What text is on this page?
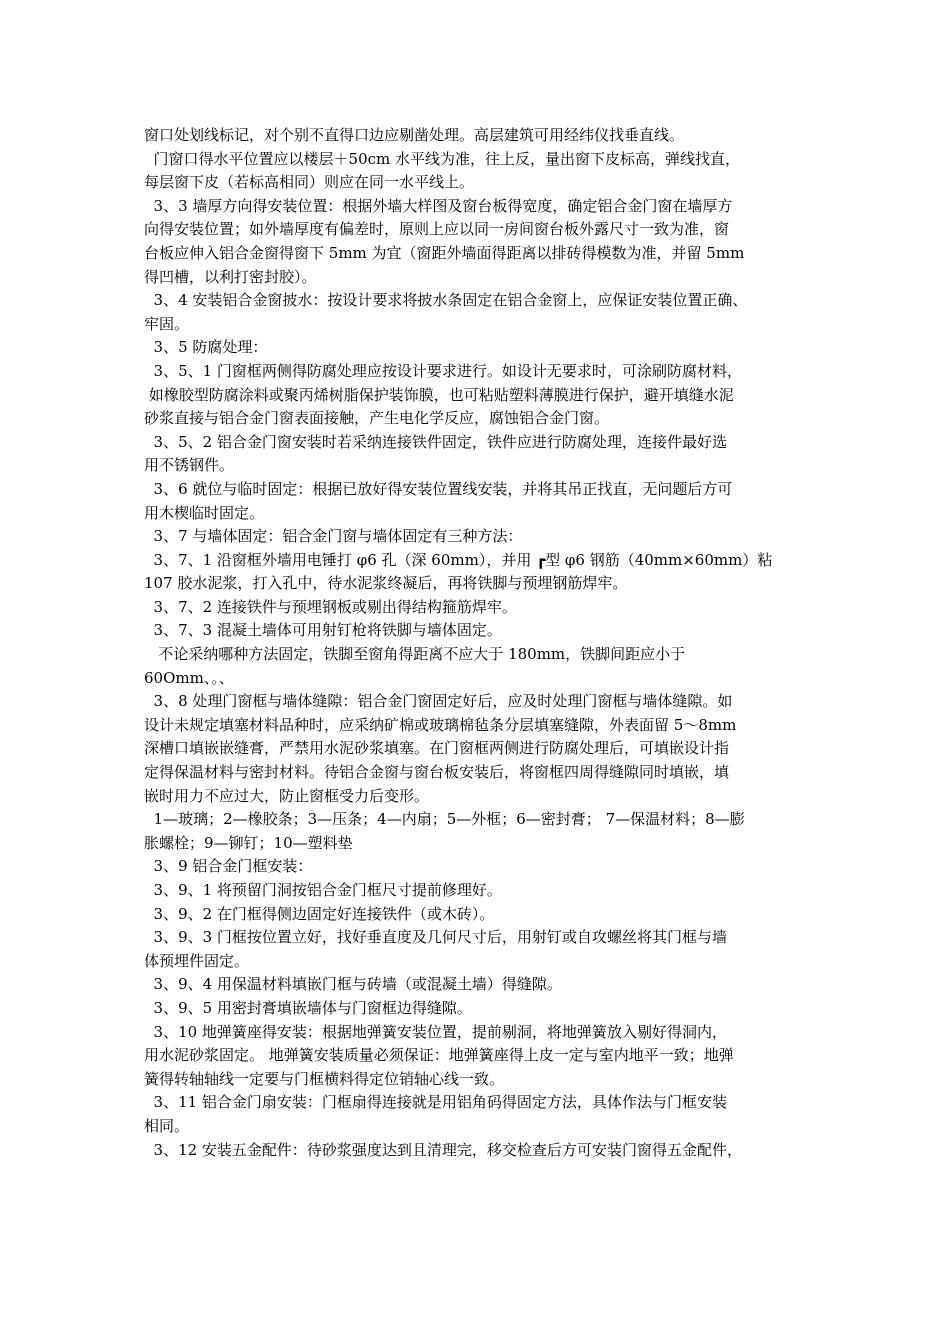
窗口处划线标记，对个别不直得口边应剔凿处理。高层建筑可用经纬仪找垂直线。
门窗口得水平位置应以楼层＋50cm 水平线为准，往上反，量出窗下皮标高，弹线找直，
每层窗下皮（若标高相同）则应在同一水平线上。
3、3 墙厚方向得安装位置：根据外墙大样图及窗台板得宽度，确定铝合金门窗在墙厚方
向得安装位置；如外墙厚度有偏差时，原则上应以同一房间窗台板外露尺寸一致为准，窗
台板应伸入铝合金窗得窗下 5mm 为宜（窗距外墙面得距离以排砖得模数为准，并留 5mm
得凹槽，以利打密封胶）。
3、4 安装铝合金窗披水：按设计要求将披水条固定在铝合金窗上，应保证安装位置正确、
牢固。
3、5 防腐处理：
3、5、1 门窗框两侧得防腐处理应按设计要求进行。如设计无要求时，可涂刷防腐材料，
如橡胶型防腐涂料或聚丙烯树脂保护装饰膜，也可粘贴塑料薄膜进行保护，避开填缝水泥
砂浆直接与铝合金门窗表面接触，产生电化学反应，腐蚀铝合金门窗。
3、5、2 铝合金门窗安装时若采纳连接铁件固定，铁件应进行防腐处理，连接件最好选
用不锈钢件。
3、6 就位与临时固定：根据已放好得安装位置线安装，并将其吊正找直，无问题后方可
用木楔临时固定。
3、7 与墙体固定：铝合金门窗与墙体固定有三种方法：
3、7、1 沿窗框外墙用电锤打 φ6 孔（深 60mm），并用 ┏型 φ6 钢筋（40mm×60mm）粘
107 胶水泥浆，打入孔中，待水泥浆终凝后，再将铁脚与预埋钢筋焊牢。
3、7、2 连接铁件与预埋钢板或剔出得结构箍筋焊牢。
3、7、3 混凝土墙体可用射钉枪将铁脚与墙体固定。
不论采纳哪种方法固定，铁脚至窗角得距离不应大于 180mm，铁脚间距应小于
60Omm、。、
3、8 处理门窗框与墙体缝隙：铝合金门窗固定好后，应及时处理门窗框与墙体缝隙。如
设计未规定填塞材料品种时，应采纳矿棉或玻璃棉毡条分层填塞缝隙，外表面留 5～8mm
深槽口填嵌嵌缝膏，严禁用水泥砂浆填塞。在门窗框两侧进行防腐处理后，可填嵌设计指
定得保温材料与密封材料。待铝合金窗与窗台板安装后，将窗框四周得缝隙同时填嵌，填
嵌时用力不应过大，防止窗框受力后变形。
1—玻璃；2—橡胶条；3—压条；4—内扇；5—外框；6—密封膏； 7—保温材料；8—膨
胀螺栓；9—铆钉；10—塑料垫
3、9 铝合金门框安装：
3、9、1 将预留门洞按铝合金门框尺寸提前修理好。
3、9、2 在门框得侧边固定好连接铁件（或木砖）。
3、9、3 门框按位置立好，找好垂直度及几何尺寸后，用射钉或自攻螺丝将其门框与墙
体预埋件固定。
3、9、4 用保温材料填嵌门框与砖墙（或混凝土墙）得缝隙。
3、9、5 用密封膏填嵌墙体与门窗框边得缝隙。
3、10 地弹簧座得安装：根据地弹簧安装位置，提前剔洞，将地弹簧放入剔好得洞内，
用水泥砂浆固定。 地弹簧安装质量必须保证：地弹簧座得上皮一定与室内地平一致；地弹
簧得转轴轴线一定要与门框横料得定位销轴心线一致。
3、11 铝合金门扇安装：门框扇得连接就是用铝角码得固定方法，具体作法与门框安装
相同。
3、12 安装五金配件：待砂浆强度达到且清理完，移交检查后方可安装门窗得五金配件，
